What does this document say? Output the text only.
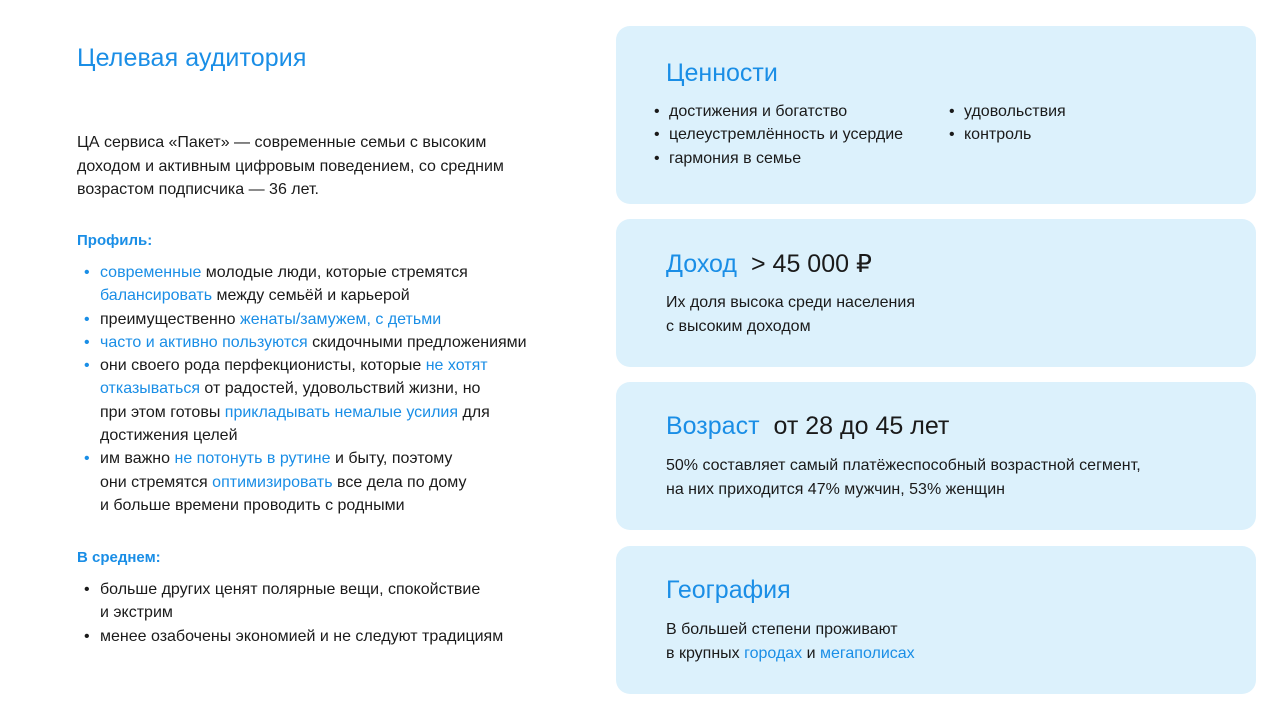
Целевая аудитория

ЦА сервиса «Пакет» — современные семьи с высоким доходом и активным цифровым поведением, со средним возрастом подписчика — 36 лет.

Профиль:
• современные молодые люди, которые стремятся балансировать между семьёй и карьерой
• преимущественно женаты/замужем, с детьми
• часто и активно пользуются скидочными предложениями
• они своего рода перфекционисты, которые не хотят отказываться от радостей, удовольствий жизни, но при этом готовы прикладывать немалые усилия для достижения целей
• им важно не потонуть в рутине и быту, поэтому они стремятся оптимизировать все дела по дому и больше времени проводить с родными
В среднем:
• больше других ценят полярные вещи, спокойствие и экстрим
• менее озабочены экономией и не следуют традициям
Ценности
• достижения и богатство
• целеустремлённость и усердие
• гармония в семье
• удовольствия
• контроль
Доход > 45 000 ₽
Их доля высока среди населения
с высоким доходом
Возраст от 28 до 45 лет
50% составляет самый платёжеспособный возрастной сегмент,
на них приходится 47% мужчин, 53% женщин
География
В большей степени проживают
в крупных городах и мегаполисах
